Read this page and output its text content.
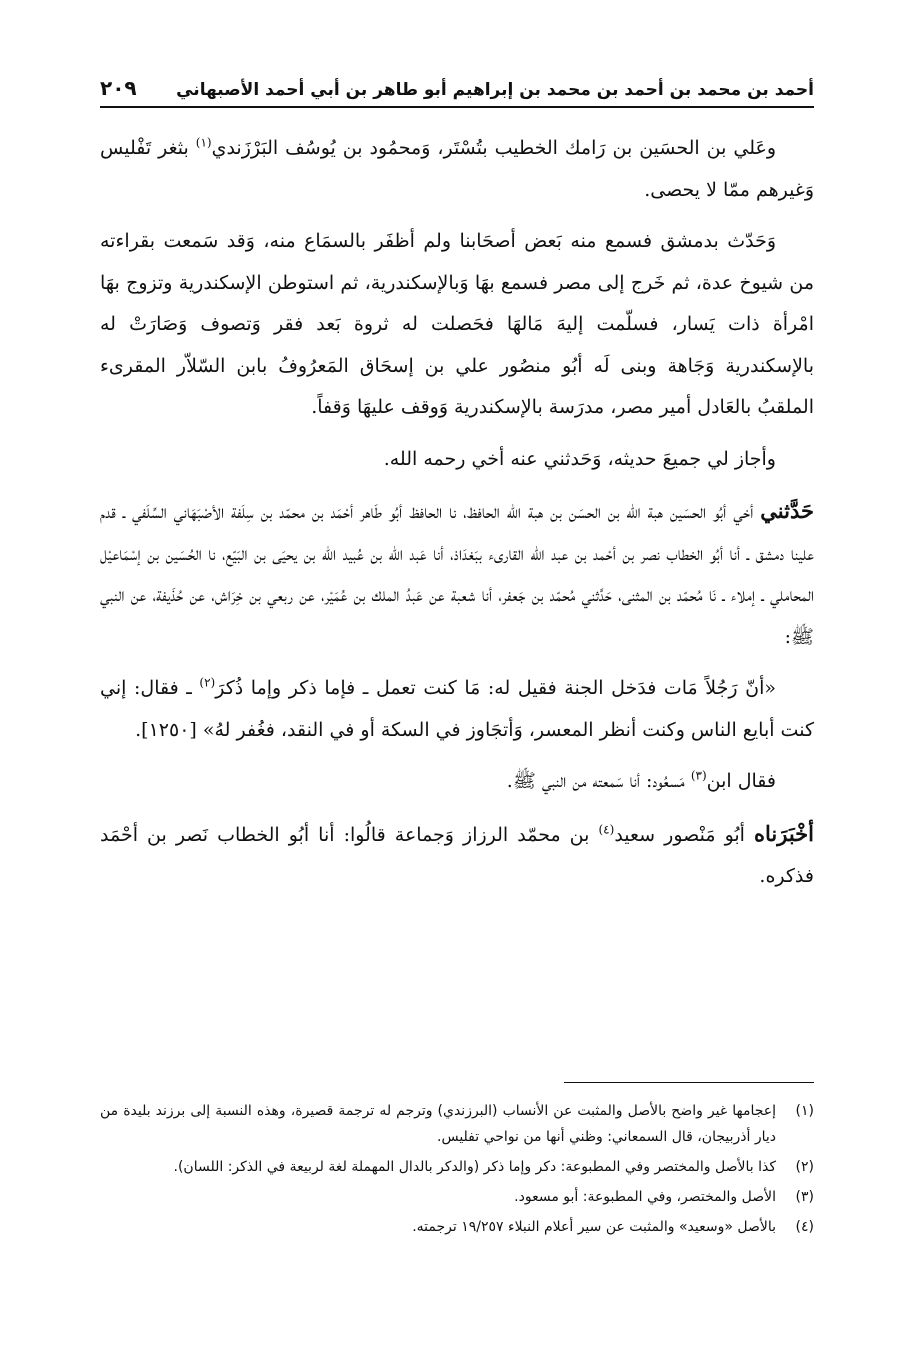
أحمد بن محمد بن أحمد بن محمد بن إبراهيم أبو طاهر بن أبي أحمد الأصبهاني
٢٠٩

وعَلي بن الحسَين بن رَامك الخطيب بتُسْتَر، وَمحمُود بن يُوسُف البَرْزَندي$^{(١)}$ بثغر تَفْليس وَغيرهم ممّا لا يحصى.

وَحَدّث بدمشق فسمع منه بَعض أصحَابنا ولم أظفَر بالسمَاع منه، وَقد سَمعت بقراءته من شيوخ عدة، ثم خَرج إلى مصر فسمع بهَا وَبالإسكندرية، ثم استوطن الإسكندرية وتزوج بهَا امْرأة ذات يَسار، فسلّمت إليهَ مَالهَا فحَصلت له ثروة بَعد فقر وَتصوف وَصَارَتْ له بالإسكندرية وَجَاهة وبنى لَه أبُو منصُور علي بن إسحَاق المَعرُوفُ بابن السّلاّر المقرىء الملقبُ بالعَادل أمير مصر، مدرَسة بالإسكندرية وَوقف عليهَا وَقفاً.

وأجاز لي جميعَ حديثه، وَحَدثني عنه أخي رحمه الله.

حَدَّثني أخي أبُو الحسَين هبة الله بن الحسَن بن هبة الله الحافظ، نا الحافظ أبُو طَاهر أحْمَد بن محمّد بن سِلَفة الأصْبَهَاني السِّلَفي ـ قدم علينا دمشق ـ أنا أبُو الخطاب نصر بن أحْمد بن عبد الله القارىء ببَغدَاذ، أنا عَبد الله بن عُبيد الله بن يحيَى بن البَيّع، نا الحُسَين بن إسْمَاعيْل المحاملي ـ إملاء ـ نَا مُحمّد بن المثنى، حَدَّثني مُحمّد بن جَعفر، أنا شعبة عن عَبدُ الملك بن عُمَيْر، عن ربعي بن خِرَاش، عن حُذَيفة، عن النبي ﷺ:

«أنّ رَجُلاً مَات فدَخل الجنة فقيل له: مَا كنت تعمل ـ فإما ذكر وإما ذُكرَ$^{(٢)}$ ـ فقال: إني كنت أبايع الناس وكنت أنظر المعسر، وَأتجَاوز في السكة أو في النقد، فغُفر لهُ» [١٢٥٠].

فقال ابن$^{(٣)}$ مَسعُود: أنا سَمعته من النبي ﷺ.

أخْبَرَناه أبُو مَنْصور سعيد$^{(٤)}$ بن محمّد الرزاز وَجماعة قالُوا: أنا أبُو الخطاب نَصر بن أحْمَد فذكره.

(١)
إعجامها غير واضح بالأصل والمثبت عن الأنساب (البرزندي) وترجم له ترجمة قصيرة، وهذه النسبة إلى برزند بليدة من ديار أذربيجان، قال السمعاني: وظني أنها من نواحي تفليس.
(٢)
كذا بالأصل والمختصر وفي المطبوعة: دكر وإما ذكر (والدكر بالدال المهملة لغة لربيعة في الذكر: اللسان).
(٣)
الأصل والمختصر، وفي المطبوعة: أبو مسعود.
(٤)
بالأصل «وسعيد» والمثبت عن سير أعلام النبلاء ١٩/٢٥٧ ترجمته.
